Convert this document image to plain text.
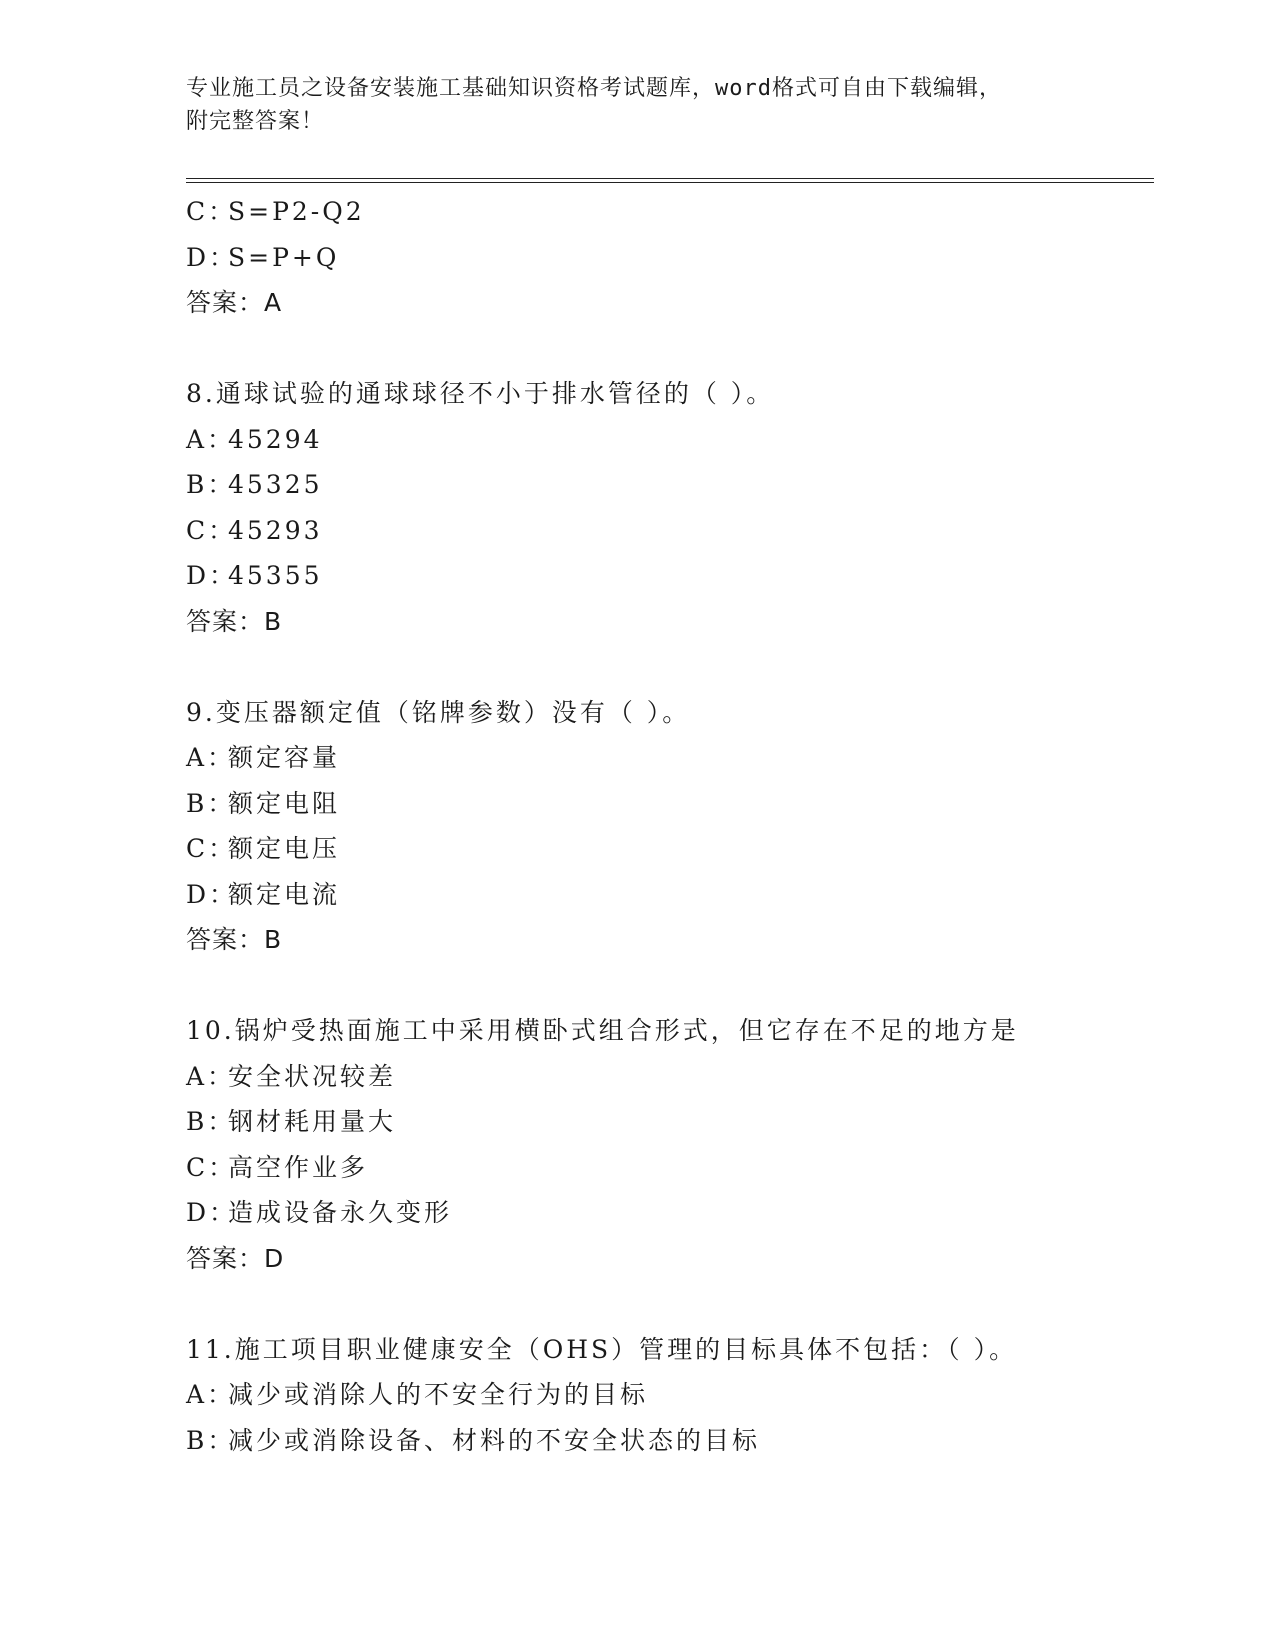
专业施工员之设备安装施工基础知识资格考试题库，word格式可自由下载编辑，
附完整答案！
C：S=P2-Q2
D：S=P+Q
答案：A
8.通球试验的通球球径不小于排水管径的（ ）。
A：45294
B：45325
C：45293
D：45355
答案：B
9.变压器额定值（铭牌参数）没有（ ）。
A：额定容量
B：额定电阻
C：额定电压
D：额定电流
答案：B
10.锅炉受热面施工中采用横卧式组合形式，但它存在不足的地方是
A：安全状况较差
B：钢材耗用量大
C：高空作业多
D：造成设备永久变形
答案：D
11.施工项目职业健康安全（OHS）管理的目标具体不包括：（ ）。
A：减少或消除人的不安全行为的目标
B：减少或消除设备、材料的不安全状态的目标
